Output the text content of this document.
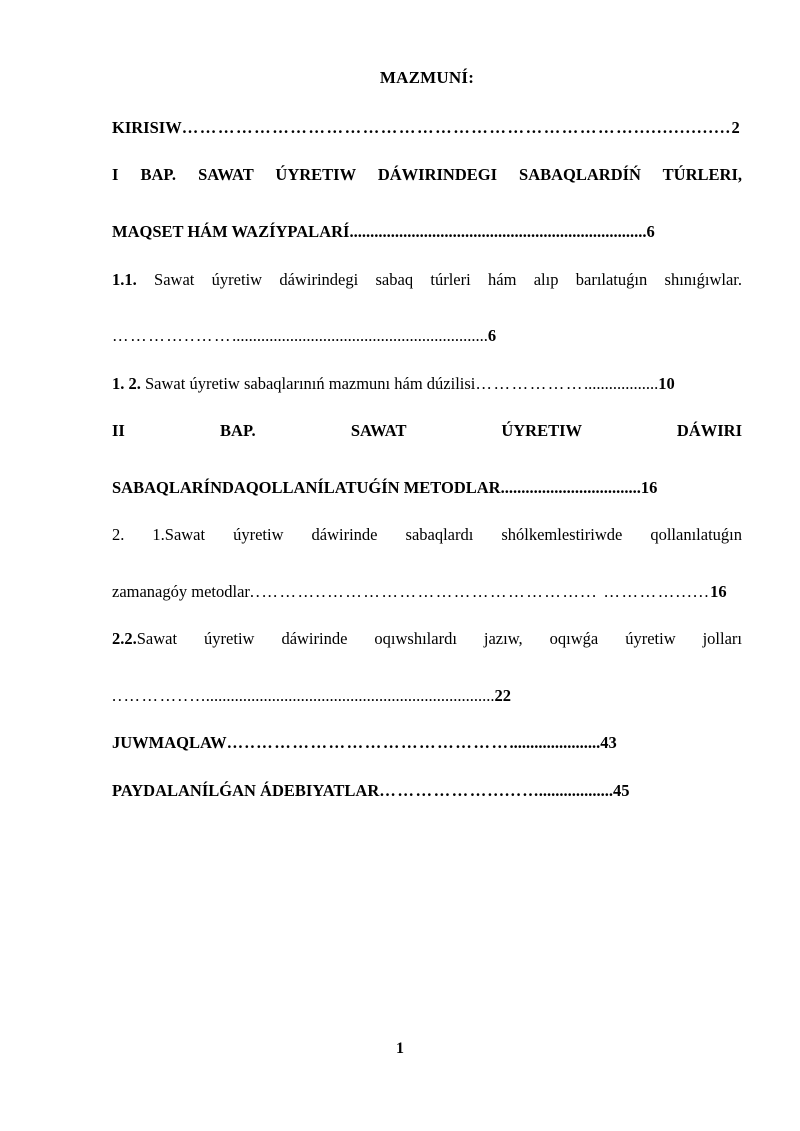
MAZMUNÍ:
KIRISIW………………………………………………………………….................2
I BAP. SAWAT ÚYRETIW DÁWIRINDEGI SABAQLARDÍŃ TÚRLERI,
MAQSET HÁM WAZÍYPALARÍ........................................................................6
1.1. Sawat úyretiw dáwirindegi sabaq túrleri hám alıp barılatuǵın shınıǵıwlar.…………..……..............................................................6
1. 2. Sawat úyretiw sabaqlarınıń mazmunı hám dúzilisi………………..................10
II BAP. SAWAT ÚYRETIW DÁWIRI
SABAQLARÍNDAQOLLANÍLATUǴÍN METODLAR..................................16
2. 1.Sawat úyretiw dáwirinde sabaqlardı shólkemlestiriwde qollanılatuǵın
zamanagóy metodlar..………..……………………………………... …………......16
2.2.Sawat úyretiw dáwirinde oqıwshılardı jazıw, oqıwǵa úyretiw jolları..………..…......................................................................22
JUWMAQLAW…..……………………………………......................43
PAYDALANÍLǴAN ÁDEBIYATLAR………………......…..................45
1
